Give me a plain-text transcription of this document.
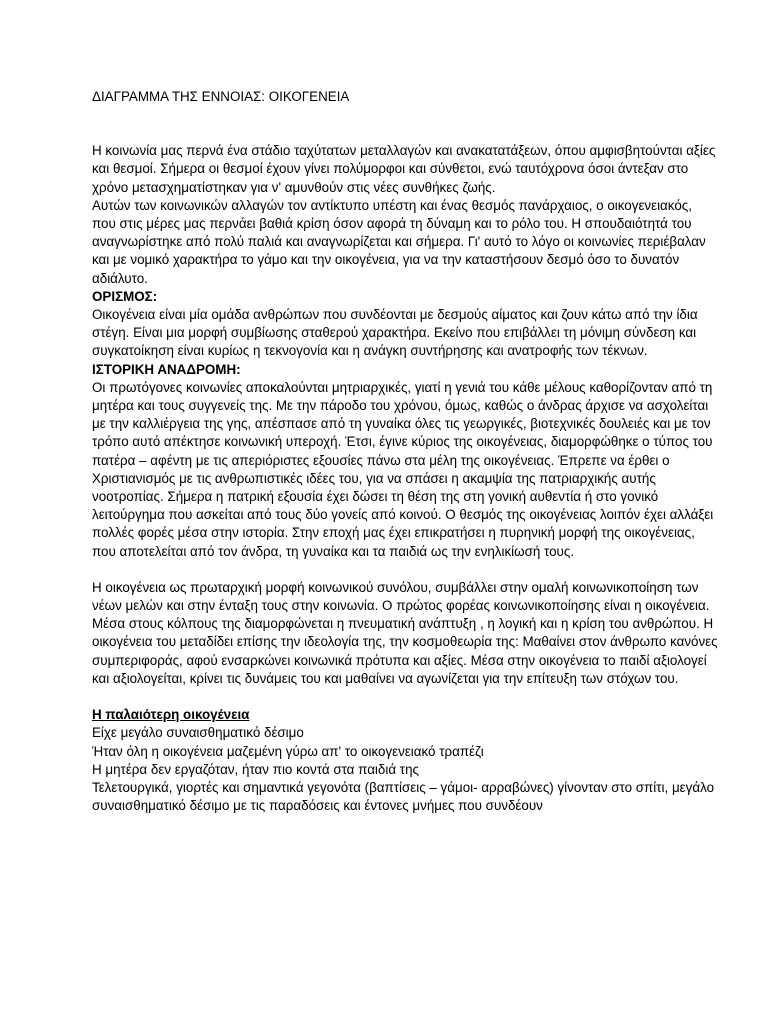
ΔΙΑΓΡΑΜΜΑ ΤΗΣ ΕΝΝΟΙΑΣ: ΟΙΚΟΓΕΝΕΙΑ

Η κοινωνία μας περνά ένα στάδιο ταχύτατων μεταλλαγών και ανακατατάξεων, όπου αμφισβητούνται αξίες και θεσμοί. Σήμερα οι θεσμοί έχουν γίνει πολύμορφοι και σύνθετοι, ενώ ταυτόχρονα όσοι άντεξαν στο χρόνο μετασχηματίστηκαν για ν' αμυνθούν στις νέες συνθήκες ζωής.

Αυτών των κοινωνικών αλλαγών τον αντίκτυπο υπέστη και ένας θεσμός πανάρχαιος, ο οικογενειακός, που στις μέρες μας περνάει βαθιά κρίση όσον αφορά τη δύναμη και το ρόλο του. Η σπουδαιότητά του αναγνωρίστηκε από πολύ παλιά και αναγνωρίζεται και σήμερα. Γι' αυτό το λόγο οι κοινωνίες περιέβαλαν και με νομικό χαρακτήρα το γάμο και την οικογένεια, για να την καταστήσουν δεσμό όσο το δυνατόν αδιάλυτο.

ΟΡΙΣΜΟΣ:

Οικογένεια είναι μία ομάδα ανθρώπων που συνδέονται με δεσμούς αίματος και ζουν κάτω από την ίδια στέγη. Είναι μια μορφή συμβίωσης σταθερού χαρακτήρα. Εκείνο που επιβάλλει τη μόνιμη σύνδεση και συγκατοίκηση είναι κυρίως η τεκνογονία και η ανάγκη συντήρησης και ανατροφής των τέκνων.

ΙΣΤΟΡΙΚΗ ΑΝΑΔΡΟΜΗ:

Οι πρωτόγονες κοινωνίες αποκαλούνται μητριαρχικές, γιατί η γενιά του κάθε μέλους καθορίζονταν από τη μητέρα και τους συγγενείς της. Με την πάροδο του χρόνου, όμως, καθώς ο άνδρας άρχισε να ασχολείται με την καλλιέργεια της γης, απέσπασε από τη γυναίκα όλες τις γεωργικές, βιοτεχνικές δουλειές και με τον τρόπο αυτό απέκτησε κοινωνική υπεροχή. Έτσι, έγινε κύριος της οικογένειας, διαμορφώθηκε ο τύπος του πατέρα – αφέντη με τις απεριόριστες εξουσίες πάνω στα μέλη της οικογένειας. Έπρεπε να έρθει ο Χριστιανισμός με τις ανθρωπιστικές ιδέες του, για να σπάσει η ακαμψία της πατριαρχικής αυτής νοοτροπίας. Σήμερα η πατρική εξουσία έχει δώσει τη θέση της στη γονική αυθεντία ή στο γονικό λειτούργημα που ασκείται από τους δύο γονείς από κοινού. Ο θεσμός της οικογένειας λοιπόν έχει αλλάξει πολλές φορές μέσα στην ιστορία. Στην εποχή μας έχει επικρατήσει η πυρηνική μορφή της οικογένειας, που αποτελείται από τον άνδρα, τη γυναίκα και τα παιδιά ως την ενηλικίωσή τους.

Η οικογένεια ως πρωταρχική μορφή κοινωνικού συνόλου, συμβάλλει στην ομαλή κοινωνικοποίηση των νέων μελών και στην ένταξη τους στην κοινωνία. Ο πρώτος φορέας κοινωνικοποίησης είναι η οικογένεια. Μέσα στους κόλπους της διαμορφώνεται η πνευματική ανάπτυξη , η λογική και η κρίση του ανθρώπου. Η οικογένεια του μεταδίδει επίσης την ιδεολογία της, την κοσμοθεωρία της: Μαθαίνει στον άνθρωπο κανόνες συμπεριφοράς, αφού ενσαρκώνει κοινωνικά πρότυπα και αξίες. Μέσα στην οικογένεια το παιδί αξιολογεί και αξιολογείται, κρίνει τις δυνάμεις του και μαθαίνει να αγωνίζεται για την επίτευξη των στόχων του.

Η παλαιότερη οικογένεια

Είχε μεγάλο συναισθηματικό δέσιμο

Ήταν όλη η οικογένεια μαζεμένη γύρω απ' το οικογενειακό τραπέζι

Η μητέρα δεν εργαζόταν, ήταν πιο κοντά στα παιδιά της

Τελετουργικά, γιορτές και σημαντικά γεγονότα (βαπτίσεις – γάμοι- αρραβώνες) γίνονταν στο σπίτι, μεγάλο συναισθηματικό δέσιμο με τις παραδόσεις και έντονες μνήμες που συνδέουν
